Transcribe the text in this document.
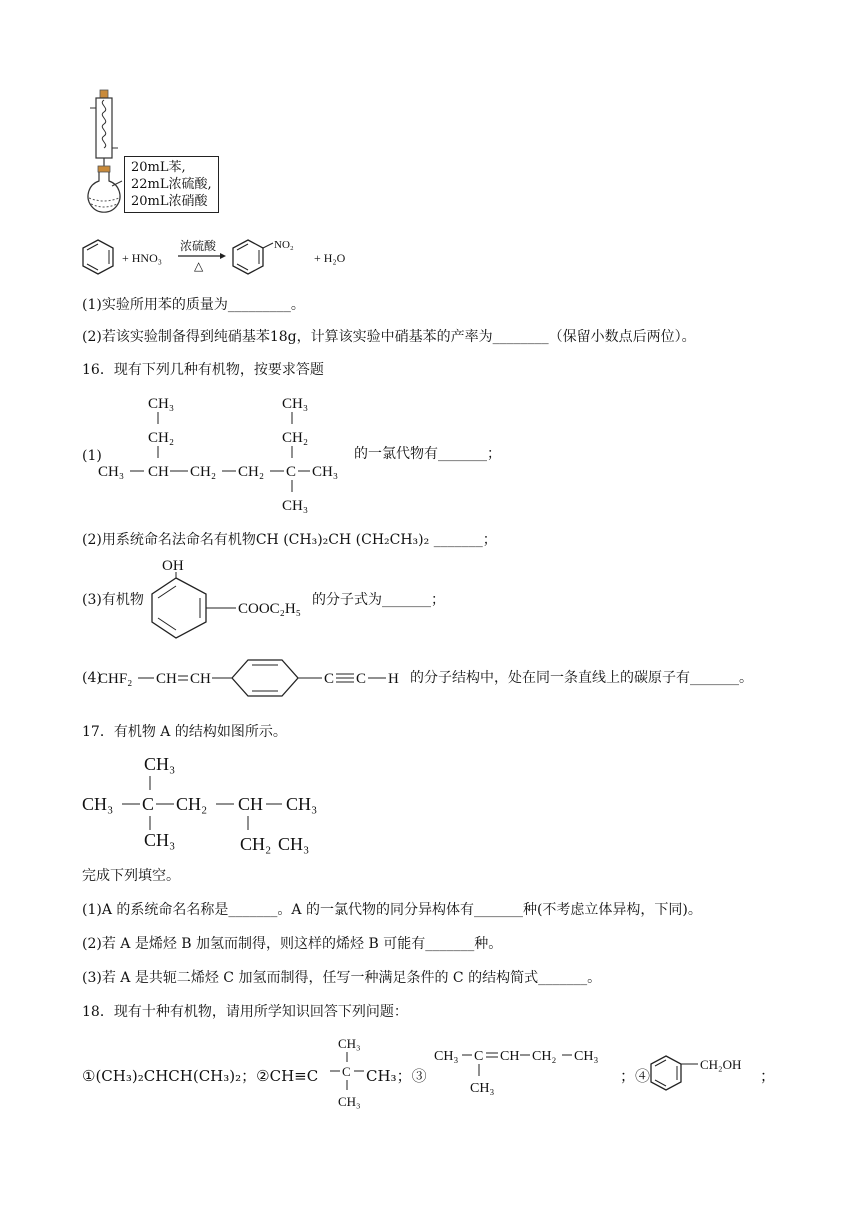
20mL苯,
22mL浓硫酸,
20mL浓硝酸
+ HNO₃
浓硫酸
△
NO₂
+ H₂O
(1)实验所用苯的质量为_________。
(2)若该实验制备得到纯硝基苯18g，计算该实验中硝基苯的产率为________（保留小数点后两位）。
16．现有下列几种有机物，按要求答题
(1)
CH₃
CH₂
CH₃ CH CH₂ CH₂ C CH₃
CH₃
CH₂
CH₃
的一氯代物有_______；
(2)用系统命名法命名有机物CH (CH₃)₂CH (CH₂CH₃)₂ _______；
(3)有机物
OH
COOC₂H₅
的分子式为_______；
(4)
CHF₂ CH CH	C C H 的分子结构中，处在同一条直线上的碳原子有_______。
17．有机物 A 的结构如图所示。
CH₃
CH₃ C CH₂ CH CH₃
CH₃	CH₂ CH₃
完成下列填空。
(1)A 的系统命名名称是_______。A 的一氯代物的同分异构体有_______种(不考虑立体异构，下同)。
(2)若 A 是烯烃 B 加氢而制得，则这样的烯烃 B 可能有_______种。
(3)若 A 是共轭二烯烃 C 加氢而制得，任写一种满足条件的 C 的结构简式_______。
18．现有十种有机物，请用所学知识回答下列问题：
①(CH₃)₂CHCH(CH₃)₂；②CH≡C C
CH₃
CH₃
CH₃；③
CH₃ C CH CH₂ CH₃
CH₃
；④
CH₂OH
；
